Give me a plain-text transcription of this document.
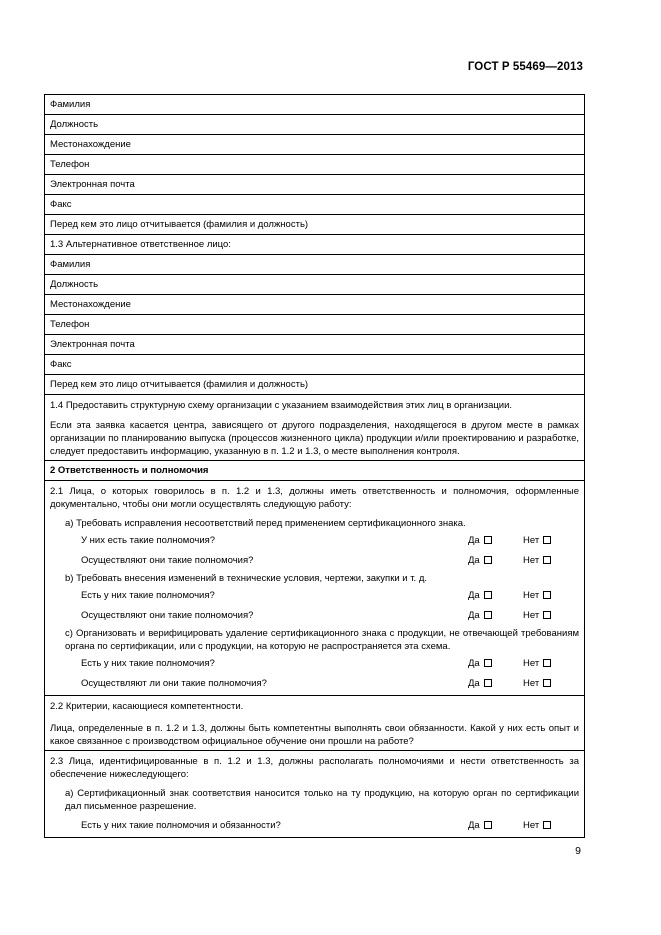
ГОСТ Р 55469—2013
Фамилия
Должность
Местонахождение
Телефон
Электронная почта
Факс
Перед кем это лицо отчитывается (фамилия и должность)
1.3 Альтернативное ответственное лицо:
Фамилия
Должность
Местонахождение
Телефон
Электронная почта
Факс
Перед кем это лицо отчитывается (фамилия и должность)
1.4 Предоставить структурную схему организации с указанием взаимодействия этих лиц в организации.
Если эта заявка касается центра, зависящего от другого подразделения, находящегося в другом месте в рамках организации по планированию выпуска (процессов жизненного цикла) продукции и/или проектированию и разработке, следует предоставить информацию, указанную в п. 1.2 и 1.3, о месте выполнения контроля.
2 Ответственность и полномочия
2.1 Лица, о которых говорилось в п. 1.2 и 1.3, должны иметь ответственность и полномочия, оформленные документально, чтобы они могли осуществлять следующую работу:
a) Требовать исправления несоответствий перед применением сертификационного знака.
У них есть такие полномочия?	Да	Нет
Осуществляют они такие полномочия?	Да	Нет
b) Требовать внесения изменений в технические условия, чертежи, закупки и т. д.
Есть у них такие полномочия?	Да	Нет
Осуществляют они такие полномочия?	Да	Нет
c) Организовать и верифицировать удаление сертификационного знака с продукции, не отвечающей требованиям органа по сертификации, или с продукции, на которую не распространяется эта схема.
Есть у них такие полномочия?	Да	Нет
Осуществляют ли они такие полномочия?	Да	Нет
2.2 Критерии, касающиеся компетентности.
Лица, определенные в п. 1.2 и 1.3, должны быть компетентны выполнять свои обязанности. Какой у них есть опыт и какое связанное с производством официальное обучение они прошли на работе?
2.3 Лица, идентифицированные в п. 1.2 и 1.3, должны располагать полномочиями и нести ответственность за обеспечение нижеследующего:
a) Сертификационный знак соответствия наносится только на ту продукцию, на которую орган по сертификации дал письменное разрешение.
Есть у них такие полномочия и обязанности?	Да	Нет
9
